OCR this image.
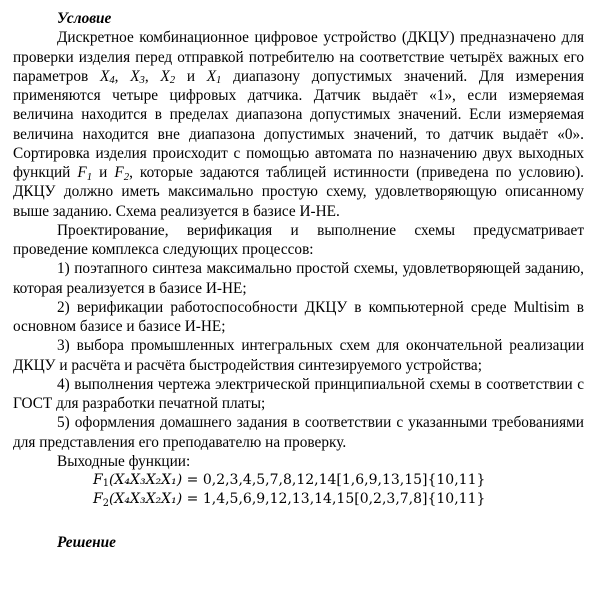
Условие

Дискретное комбинационное цифровое устройство (ДКЦУ) предназначено для проверки изделия перед отправкой потребителю на соответствие четырёх важных его параметров $X_4$, $X_3$, $X_2$ и $X_1$ диапазону допустимых значений. Для измерения применяются четыре цифровых датчика. Датчик выдаёт «1», если измеряемая величина находится в пределах диапазона допустимых значений. Если измеряемая величина находится вне диапазона допустимых значений, то датчик выдаёт «0». Сортировка изделия происходит с помощью автомата по назначению двух выходных функций $F_1$ и $F_2$, которые задаются таблицей истинности (приведена по условию). ДКЦУ должно иметь максимально простую схему, удовлетворяющую описанному выше заданию. Схема реализуется в базисе И-НЕ.

Проектирование, верификация и выполнение схемы предусматривает проведение комплекса следующих процессов:

1) поэтапного синтеза максимально простой схемы, удовлетворяющей заданию, которая реализуется в базисе И-НЕ;

2) верификации работоспособности ДКЦУ в компьютерной среде Multisim в основном базисе и базисе И-НЕ;

3) выбора промышленных интегральных схем для окончательной реализации ДКЦУ и расчёта и расчёта быстродействия синтезируемого устройства;

4) выполнения чертежа электрической принципиальной схемы в соответствии с ГОСТ для разработки печатной платы;

5) оформления домашнего задания в соответствии с указанными требованиями для представления его преподавателю на проверку.

Выходные функции:

$F_1(X_4X_3X_2X_1) = 0,2,3,4,5,7,8,12,14[1,6,9,13,15]\{10,11\}$
$F_2(X_4X_3X_2X_1) = 1,4,5,6,9,12,13,14,15[0,2,3,7,8]\{10,11\}$
Решение
